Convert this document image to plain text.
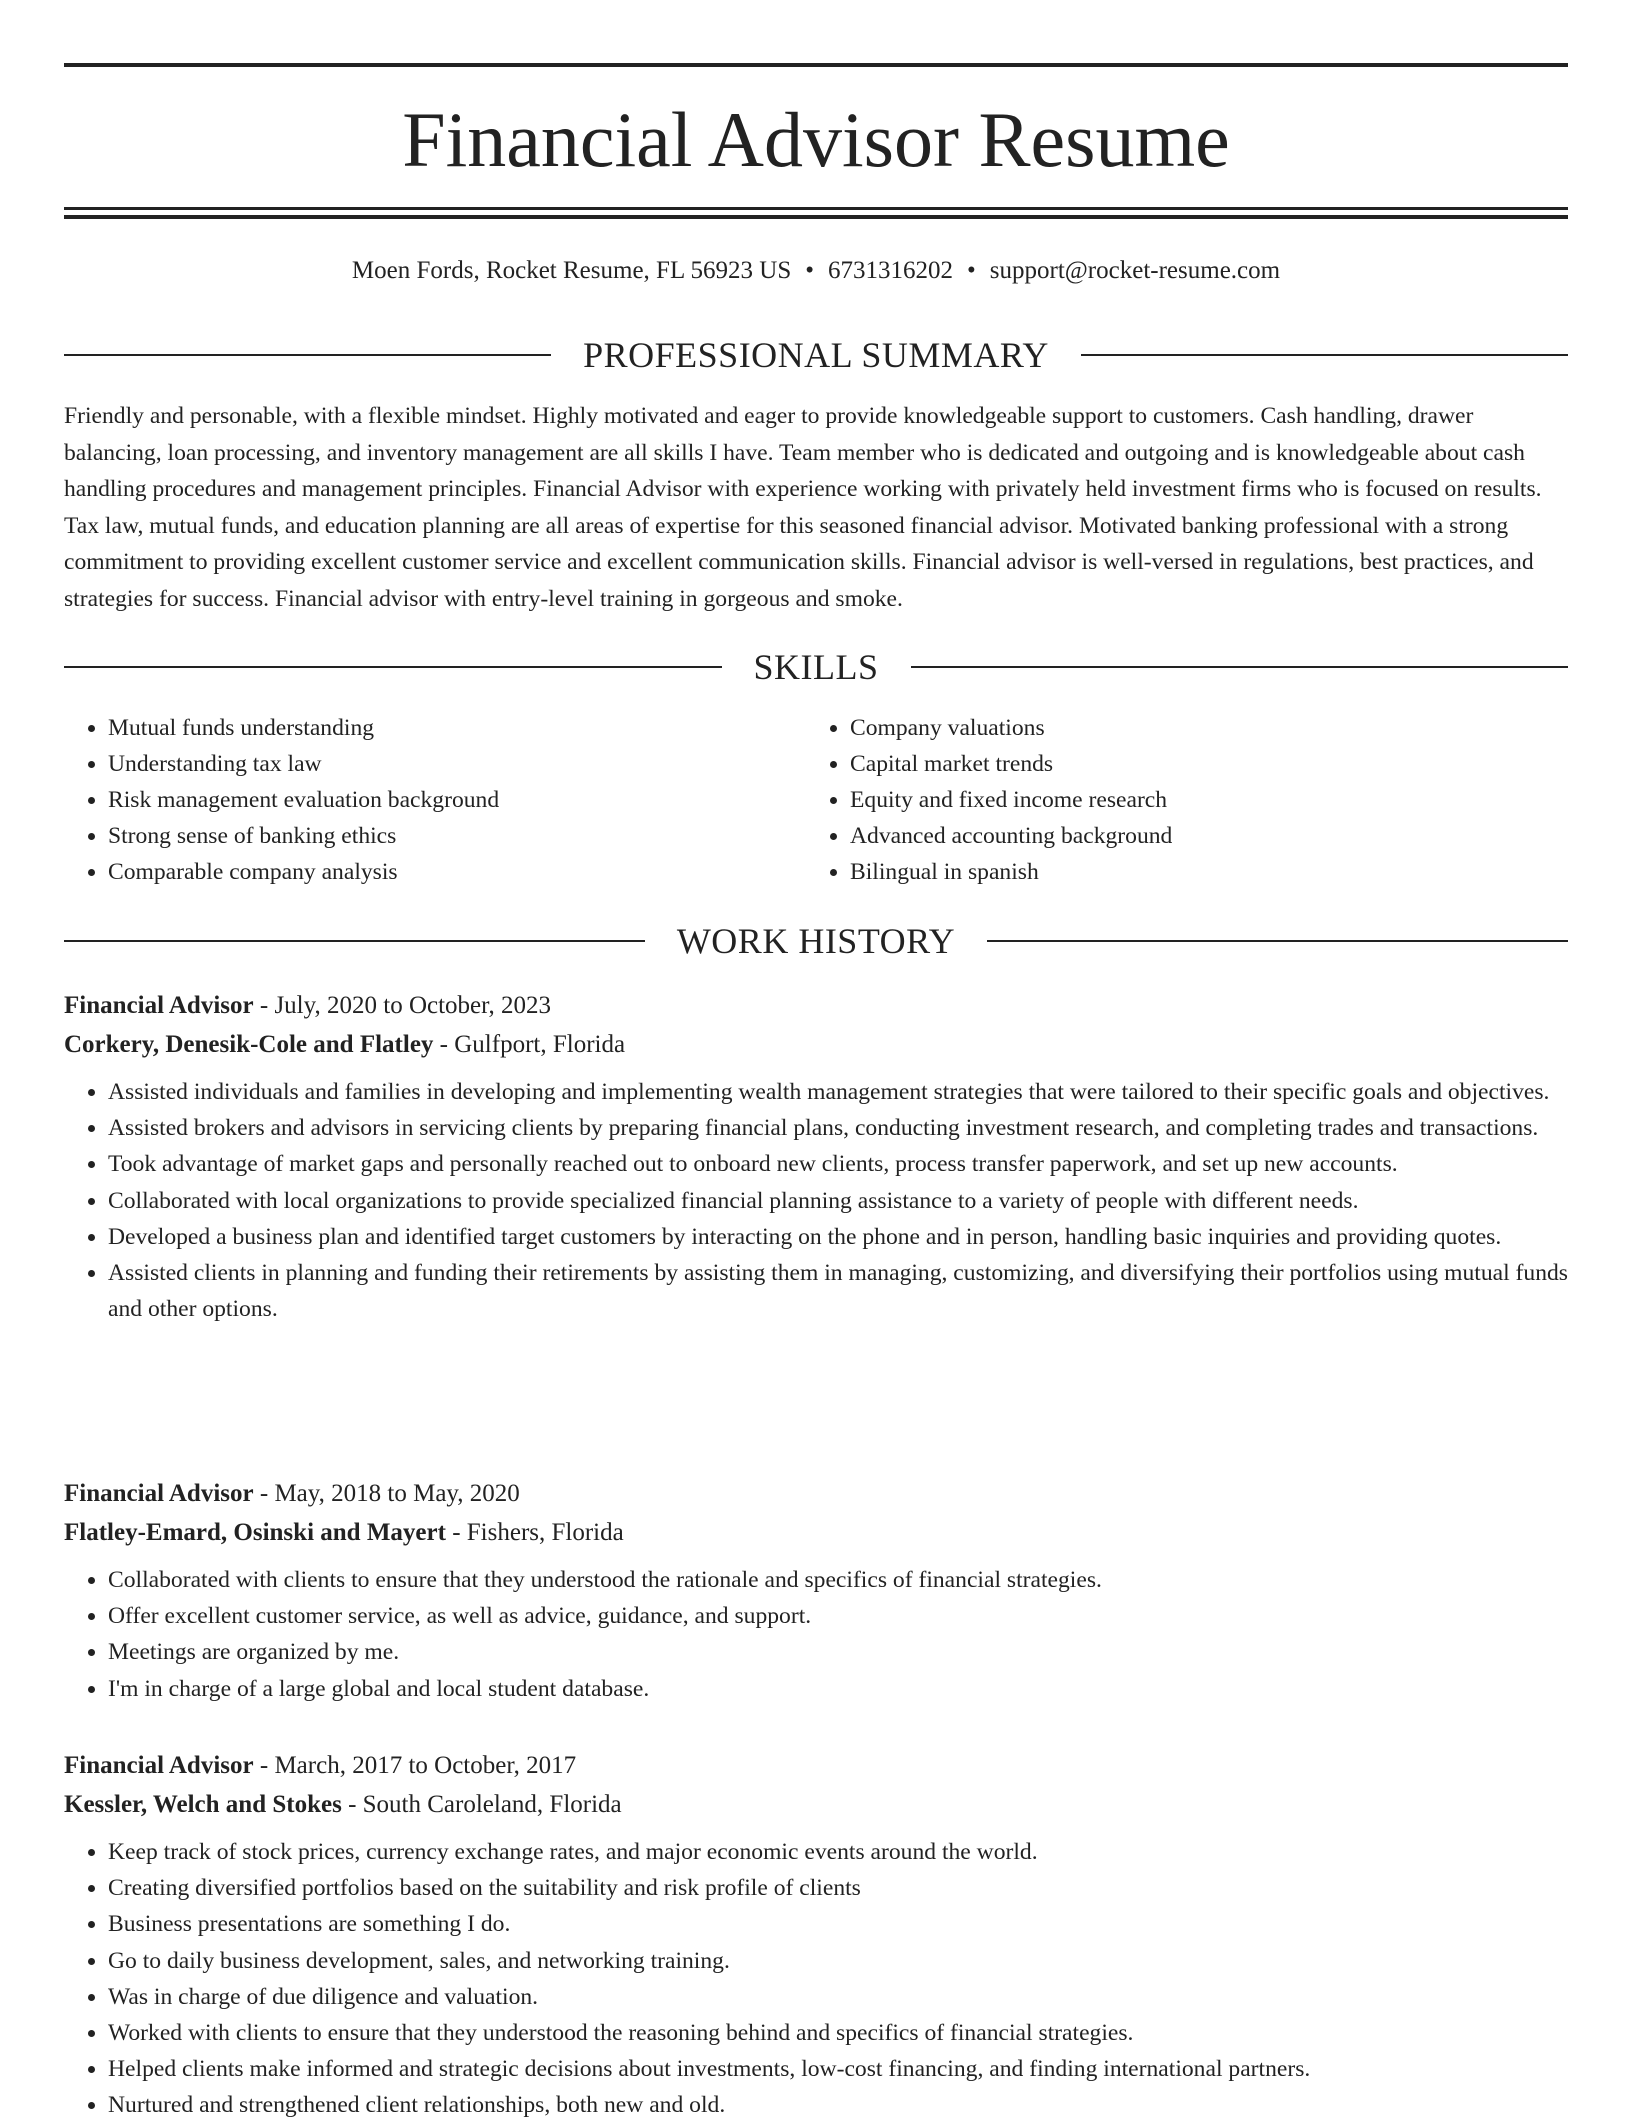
Financial Advisor Resume
Moen Fords, Rocket Resume, FL 56923 US • 6731316202 • support@rocket-resume.com
PROFESSIONAL SUMMARY

Friendly and personable, with a flexible mindset. Highly motivated and eager to provide knowledgeable support to customers. Cash handling, drawer balancing, loan processing, and inventory management are all skills I have. Team member who is dedicated and outgoing and is knowledgeable about cash handling procedures and management principles. Financial Advisor with experience working with privately held investment firms who is focused on results. Tax law, mutual funds, and education planning are all areas of expertise for this seasoned financial advisor. Motivated banking professional with a strong commitment to providing excellent customer service and excellent communication skills. Financial advisor is well-versed in regulations, best practices, and strategies for success. Financial advisor with entry-level training in gorgeous and smoke.

SKILLS
• Mutual funds understanding
• Understanding tax law
• Risk management evaluation background
• Strong sense of banking ethics
• Comparable company analysis
• Company valuations
• Capital market trends
• Equity and fixed income research
• Advanced accounting background
• Bilingual in spanish
WORK HISTORY

Financial Advisor - July, 2020 to October, 2023

Corkery, Denesik-Cole and Flatley - Gulfport, Florida

• Assisted individuals and families in developing and implementing wealth management strategies that were tailored to their specific goals and objectives.
• Assisted brokers and advisors in servicing clients by preparing financial plans, conducting investment research, and completing trades and transactions.
• Took advantage of market gaps and personally reached out to onboard new clients, process transfer paperwork, and set up new accounts.
• Collaborated with local organizations to provide specialized financial planning assistance to a variety of people with different needs.
• Developed a business plan and identified target customers by interacting on the phone and in person, handling basic inquiries and providing quotes.
• Assisted clients in planning and funding their retirements by assisting them in managing, customizing, and diversifying their portfolios using mutual funds and other options.

Financial Advisor - May, 2018 to May, 2020

Flatley-Emard, Osinski and Mayert - Fishers, Florida

• Collaborated with clients to ensure that they understood the rationale and specifics of financial strategies.
• Offer excellent customer service, as well as advice, guidance, and support.
• Meetings are organized by me.
• I'm in charge of a large global and local student database.

Financial Advisor - March, 2017 to October, 2017

Kessler, Welch and Stokes - South Caroleland, Florida

• Keep track of stock prices, currency exchange rates, and major economic events around the world.
• Creating diversified portfolios based on the suitability and risk profile of clients
• Business presentations are something I do.
• Go to daily business development, sales, and networking training.
• Was in charge of due diligence and valuation.
• Worked with clients to ensure that they understood the reasoning behind and specifics of financial strategies.
• Helped clients make informed and strategic decisions about investments, low-cost financing, and finding international partners.
• Nurtured and strengthened client relationships, both new and old.
